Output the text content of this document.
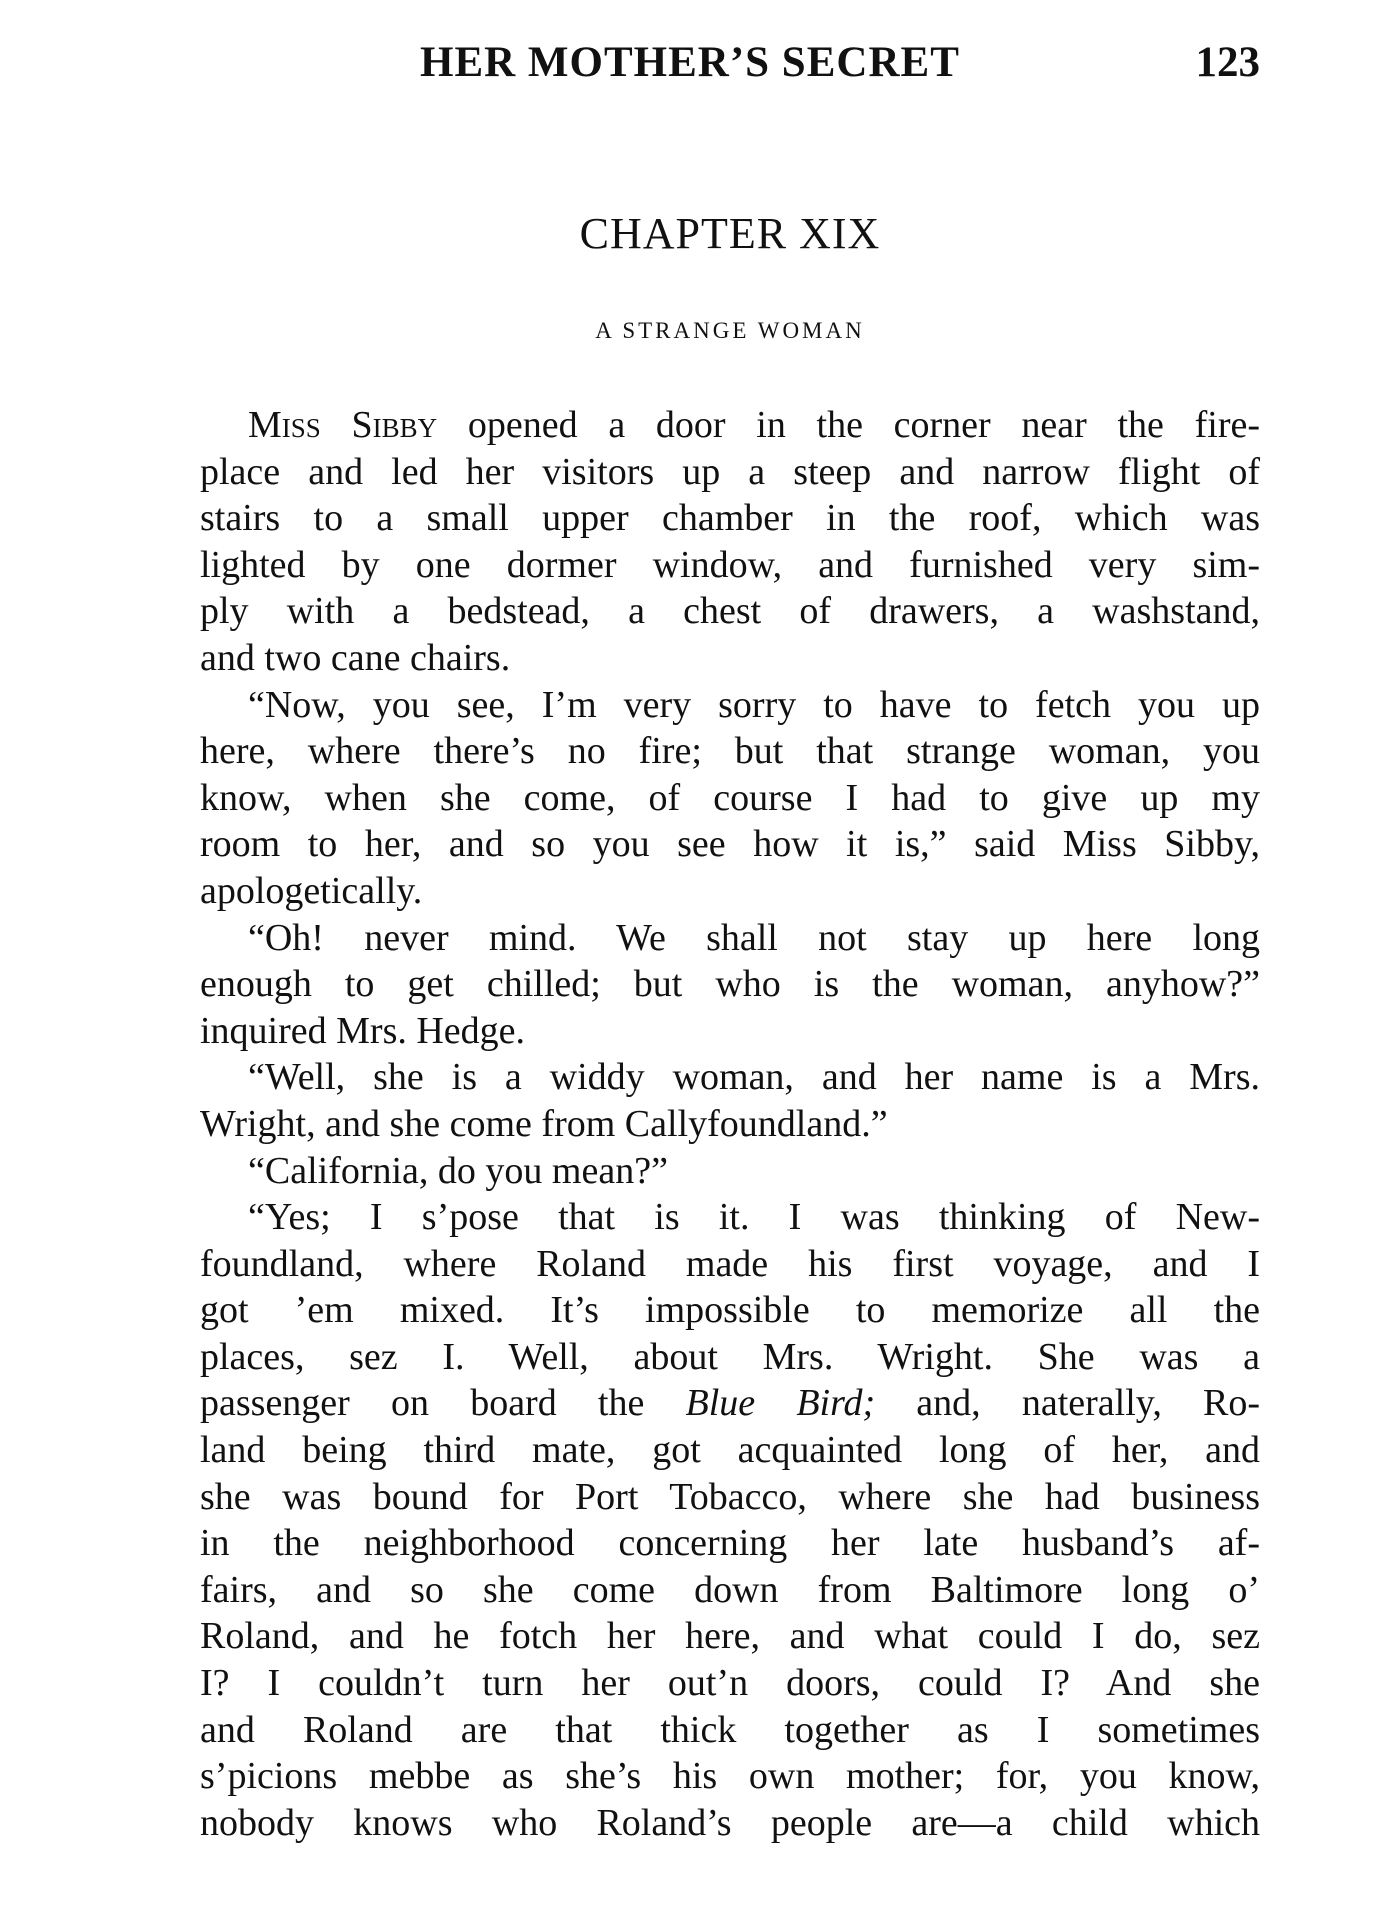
HER MOTHER’S SECRET	123
CHAPTER XIX
A STRANGE WOMAN
Miss Sibby opened a door in the corner near the fire-
place and led her visitors up a steep and narrow flight of
stairs to a small upper chamber in the roof, which was
lighted by one dormer window, and furnished very sim-
ply with a bedstead, a chest of drawers, a washstand,
and two cane chairs.
“Now, you see, I’m very sorry to have to fetch you up
here, where there’s no fire; but that strange woman, you
know, when she come, of course I had to give up my
room to her, and so you see how it is,” said Miss Sibby,
apologetically.
“Oh! never mind. We shall not stay up here long
enough to get chilled; but who is the woman, anyhow?”
inquired Mrs. Hedge.
“Well, she is a widdy woman, and her name is a Mrs.
Wright, and she come from Callyfoundland.”
“California, do you mean?”
“Yes; I s’pose that is it. I was thinking of New-
foundland, where Roland made his first voyage, and I
got ’em mixed. It’s impossible to memorize all the
places, sez I. Well, about Mrs. Wright. She was a
passenger on board the Blue Bird; and, naterally, Ro-
land being third mate, got acquainted long of her, and
she was bound for Port Tobacco, where she had business
in the neighborhood concerning her late husband’s af-
fairs, and so she come down from Baltimore long o’
Roland, and he fotch her here, and what could I do, sez
I? I couldn’t turn her out’n doors, could I? And she
and Roland are that thick together as I sometimes
s’picions mebbe as she’s his own mother; for, you know,
nobody knows who Roland’s people are—a child which
